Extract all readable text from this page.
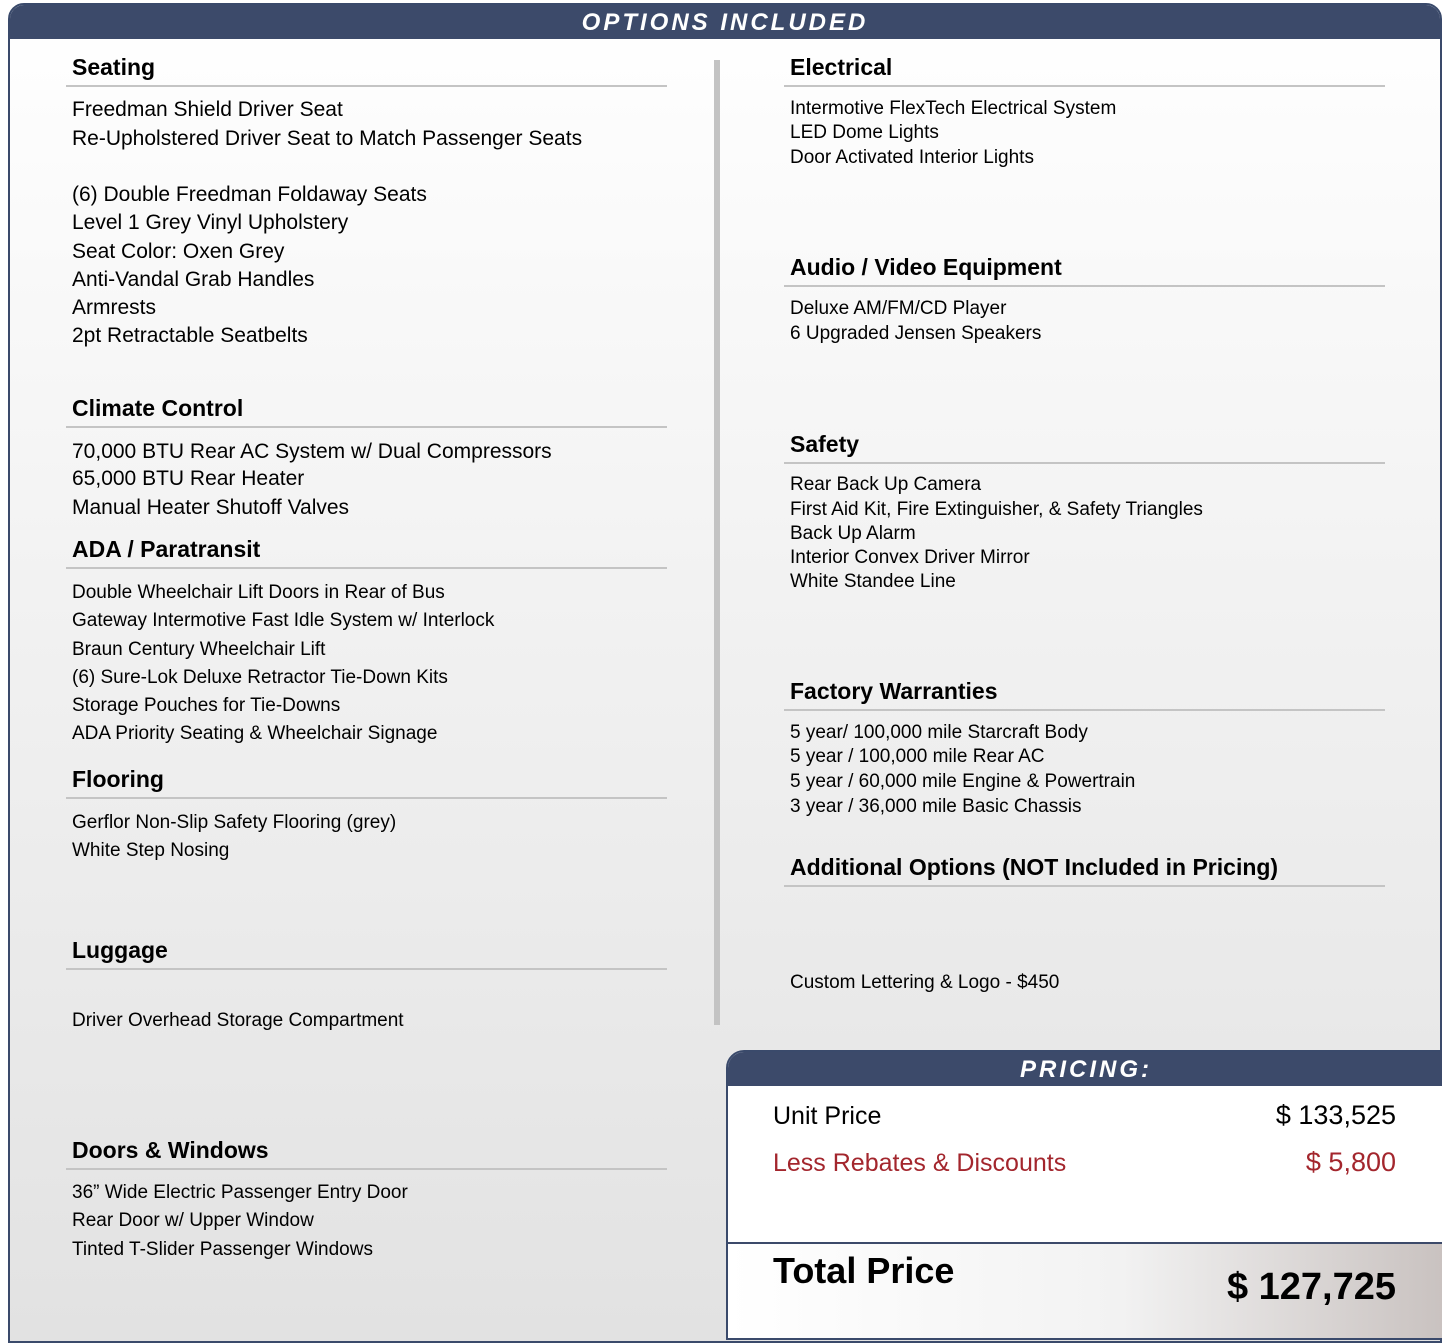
OPTIONS INCLUDED
Seating
Freedman Shield Driver Seat
Re-Upholstered Driver Seat to Match Passenger Seats
(6) Double Freedman Foldaway Seats
Level 1 Grey Vinyl Upholstery
Seat Color: Oxen Grey
Anti-Vandal Grab Handles
Armrests
2pt Retractable Seatbelts
Climate Control
70,000 BTU Rear AC System w/ Dual Compressors
65,000 BTU Rear Heater
Manual Heater Shutoff Valves
ADA / Paratransit
Double Wheelchair Lift Doors in Rear of Bus
Gateway Intermotive Fast Idle System w/ Interlock
Braun Century Wheelchair Lift
(6) Sure-Lok Deluxe Retractor Tie-Down Kits
Storage Pouches for Tie-Downs
ADA Priority Seating & Wheelchair Signage
Flooring
Gerflor Non-Slip Safety Flooring (grey)
White Step Nosing
Luggage
Driver Overhead Storage Compartment
Doors & Windows
36” Wide Electric Passenger Entry Door
Rear Door w/ Upper Window
Tinted T-Slider Passenger Windows
Electrical
Intermotive FlexTech Electrical System
LED Dome Lights
Door Activated Interior Lights
Audio / Video Equipment
Deluxe AM/FM/CD Player
6 Upgraded Jensen Speakers
Safety
Rear Back Up Camera
First Aid Kit, Fire Extinguisher, & Safety Triangles
Back Up Alarm
Interior Convex Driver Mirror
White Standee Line
Factory Warranties
5 year/ 100,000 mile Starcraft Body
5 year / 100,000 mile Rear AC
5 year / 60,000 mile Engine & Powertrain
3 year / 36,000 mile Basic Chassis
Additional Options (NOT Included in Pricing)
Custom Lettering & Logo - $450
PRICING:
Unit Price	$ 133,525
Less Rebates & Discounts	$ 5,800
Total Price	$ 127,725
